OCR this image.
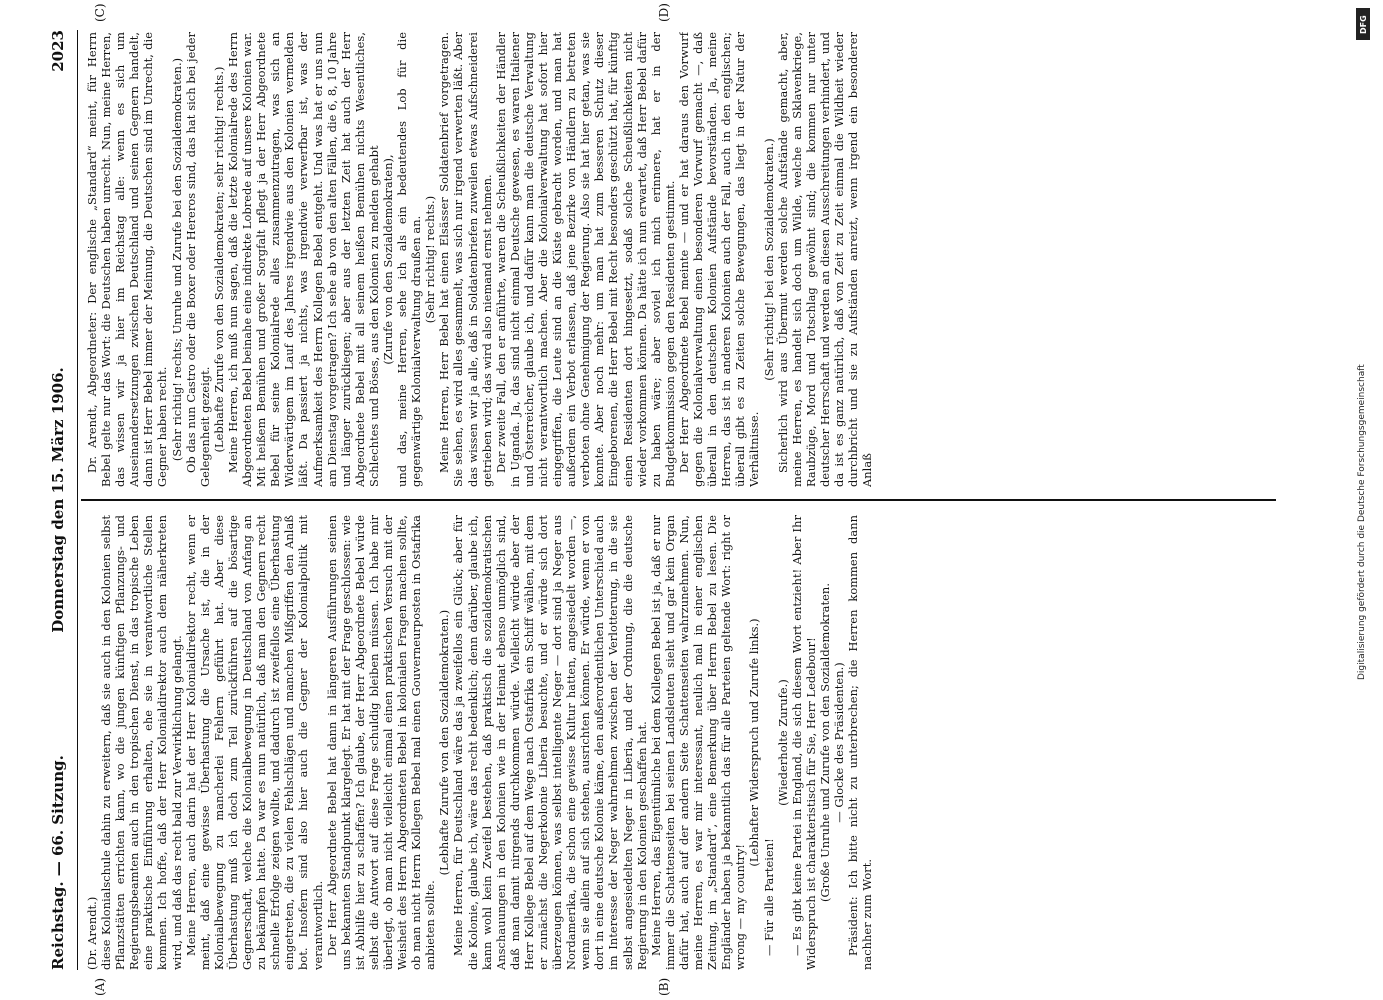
Reichstag. — 66. Sitzung.
Donnerstag den 15. März 1906.
2023
(A)	(B)
(C)	(D)

(Dr. Arendt.) diese Kolonialschule dahin zu erweitern, daß sie auch in den Kolonien selbst Pflanzstätten errichten kann, wo die jungen künftigen Pflanzungs- und Regierungsbeamten auch in den tropischen Dienst, in das tropische Leben eine praktische Einführung erhalten, ehe sie in verantwortliche Stellen kommen. Ich hoffe, daß der Herr Kolonialdirektor auch dem näherkreten wird, und daß das recht bald zur Verwirklichung gelangt. Meine Herren, auch darin hat der Herr Kolonialdirektor recht, wenn er meint, daß eine gewisse Überhastung die Ursache ist, die in der Kolonialbewegung zu mancherlei Fehlern geführt hat. Aber diese Überhastung muß ich doch zum Teil zurückführen auf die bösartige Gegnerschaft, welche die Kolonialbewegung in Deutschland von Anfang an zu bekämpfen hatte. Da war es nun natürlich, daß man den Gegnern recht schnelle Erfolge zeigen wollte, und dadurch ist zweifellos eine Überhastung eingetreten, die zu vielen Fehlschlägen und manchen Mißgriffen den Anlaß bot. Insofern sind also hier auch die Gegner der Kolonialpolitik mit verantwortlich. Der Herr Abgeordnete Bebel hat dann in längeren Ausführungen seinen uns bekannten Standpunkt klargelegt. Er hat mit der Frage geschlossen: wie ist Abhilfe hier zu schaffen? Ich glaube, der Herr Abgeordnete Bebel würde selbst die Antwort auf diese Frage schuldig bleiben müssen. Ich habe mir überlegt, ob man nicht vielleicht einmal einen praktischen Versuch mit der Weisheit des Herrn Abgeordneten Bebel in kolonialen Fragen machen sollte, ob man nicht Herrn Kollegen Bebel mal einen Gouverneurposten in Ostafrika anbieten sollte.

(Lebhafte Zurufe von den Sozialdemokraten.) Meine Herren, für Deutschland wäre das ja zweifellos ein Glück; aber für die Kolonie, glaube ich, wäre das recht bedenklich; denn darüber, glaube ich, kann wohl kein Zweifel bestehen, daß praktisch die sozialdemokratischen Anschauungen in den Kolonien wie in der Heimat ebenso unmöglich sind, daß man damit nirgends durchkommen würde. Vielleicht würde aber der Herr Kollege Bebel auf dem Wege nach Ostafrika ein Schiff wählen, mit dem er zunächst die Negerkolonie Liberia besuchte, und er würde sich dort überzeugen können, was selbst intelligente Neger — dort sind ja Neger aus Nordamerika, die schon eine gewisse Kultur hatten, angesiedelt worden —, wenn sie allein auf sich stehen, ausrichten können. Er würde, wenn er von dort in eine deutsche Kolonie käme, den außerordentlichen Unterschied auch im Interesse der Neger wahrnehmen zwischen der Verlotterung, in die sie selbst angesiedelten Neger in Liberia, und der Ordnung, die die deutsche Regierung in den Kolonien geschaffen hat. Meine Herren, das Eigentümliche bei dem Kollegen Bebel ist ja, daß er nur immer die Schattenseiten bei seinen Landsleuten sieht und gar kein Organ dafür hat, auch auf der andern Seite Schattenseiten wahrzunehmen. Nun, meine Herren, es war mir interessant, neulich mal in einer englischen Zeitung, im „Standard“, eine Bemerkung über Herrn Bebel zu lesen. Die Engländer haben ja bekanntlich das für alle Parteien geltende Wort: right or wrong — my country!

(Lebhafter Widerspruch und Zurufe links.)

— Für alle Parteien!

(Wiederholte Zurufe.) — Es gibt keine Partei in England, die sich diesem Wort entzieht! Aber Ihr Widerspruch ist charakteristisch für Sie, Herr Ledebour! (Große Unruhe und Zurufe von den Sozialdemokraten. — Glocke des Präsidenten.) Präsident: Ich bitte nicht zu unterbrechen; die Herren kommen dann nachher zum Wort.

Dr. Arendt, Abgeordneter: Der englische „Standard“ meint, für Herrn Bebel gelte nur das Wort: die Deutschen haben unrecht. Nun, meine Herren, das wissen wir ja hier im Reichstag alle: wenn es sich um Auseinandersetzungen zwischen Deutschland und seinen Gegnern handelt, dann ist Herr Bebel immer der Meinung, die Deutschen sind im Unrecht, die Gegner haben recht. (Sehr richtig! rechts; Unruhe und Zurufe bei den Sozialdemokraten.) Ob das nun Castro oder die Boxer oder Hereros sind, das hat sich bei jeder Gelegenheit gezeigt. (Lebhafte Zurufe von den Sozialdemokraten; sehr richtig! rechts.) Meine Herren, ich muß nun sagen, daß die letzte Kolonialrede des Herrn Abgeordneten Bebel beinahe eine indirekte Lobrede auf unsere Kolonien war. Mit heißem Bemühen und großer Sorgfalt pflegt ja der Herr Abgeordnete Bebel für seine Kolonialrede alles zusammenzutragen, was sich an Widerwärtigem im Lauf des Jahres irgendwie aus den Kolonien vermelden läßt. Da passiert ja nichts, was irgendwie verwerfbar ist, was der Aufmerksamkeit des Herrn Kollegen Bebel entgeht. Und was hat er uns nun am Dienstag vorgetragen? Ich sehe ab von den alten Fällen, die 6, 8, 10 Jahre und länger zurückliegen; aber aus der letzten Zeit hat auch der Herr Abgeordnete Bebel mit all seinem heißen Bemühen nichts Wesentliches, Schlechtes und Böses, aus den Kolonien zu melden gehabt (Zurufe von den Sozialdemokraten), und das, meine Herren, sehe ich als ein bedeutendes Lob für die gegenwärtige Kolonialverwaltung draußen an. (Sehr richtig! rechts.) Meine Herren, Herr Bebel hat einen Elsässer Soldatenbrief vorgetragen. Sie sehen, es wird alles gesammelt, was sich nur irgend verwerten läßt. Aber das wissen wir ja alle, daß in Soldatenbriefen zuweilen etwas Aufschneiderei getrieben wird; das wird also niemand ernst nehmen. Der zweite Fall, den er anführte, waren die Scheußlichkeiten der Händler in Uganda. Ja, das sind nicht einmal Deutsche gewesen, es waren Italiener und Österreicher, glaube ich, und dafür kann man die deutsche Verwaltung nicht verantwortlich machen. Aber die Kolonialverwaltung hat sofort hier eingegriffen, die Leute sind an die Küste gebracht worden, und man hat außerdem ein Verbot erlassen, daß jene Bezirke von Händlern zu betreten verboten ohne Genehmigung der Regierung. Also sie hat hier getan, was sie konnte. Aber noch mehr: um man hat zum besseren Schutz dieser Eingeborenen, die Herr Bebel mit Recht besonders geschützt hat, für künftig einen Residenten dort hingesetzt, sodaß solche Scheußlichkeiten nicht wieder vorkommen können. Da hätte ich nun erwartet, daß Herr Bebel dafür zu haben wäre; aber soviel ich mich erinnere, hat er in der Budgetkommission gegen den Residenten gestimmt. Der Herr Abgeordnete Bebel meinte — und er hat daraus den Vorwurf gegen die Kolonialverwaltung einen besonderen Vorwurf gemacht —, daß überall in den deutschen Kolonien Aufstände bevorständen. Ja, meine Herren, das ist in anderen Kolonien auch der Fall, auch in den englischen; überall gibt es zu Zeiten solche Bewegungen, das liegt in der Natur der Verhältnisse.

(Sehr richtig! bei den Sozialdemokraten.) Sicherlich wird aus Übermut werden solche Aufstände gemacht, aber, meine Herren, es handelt sich doch um Wilde, welche an Sklavenkriege, Raubzüge, Mord und Totschlag gewöhnt sind; die kommen nur unter deutscher Herrschaft und werden an diesen Ausschreitungen verhindert, und da ist es ganz natürlich, daß von Zeit zu Zeit einmal die Wildheit wieder durchbricht und sie zu Aufständen anreizt, wenn irgend ein besonderer Anlaß

DFG
Digitalisierung gefördert durch die Deutsche Forschungsgemeinschaft
